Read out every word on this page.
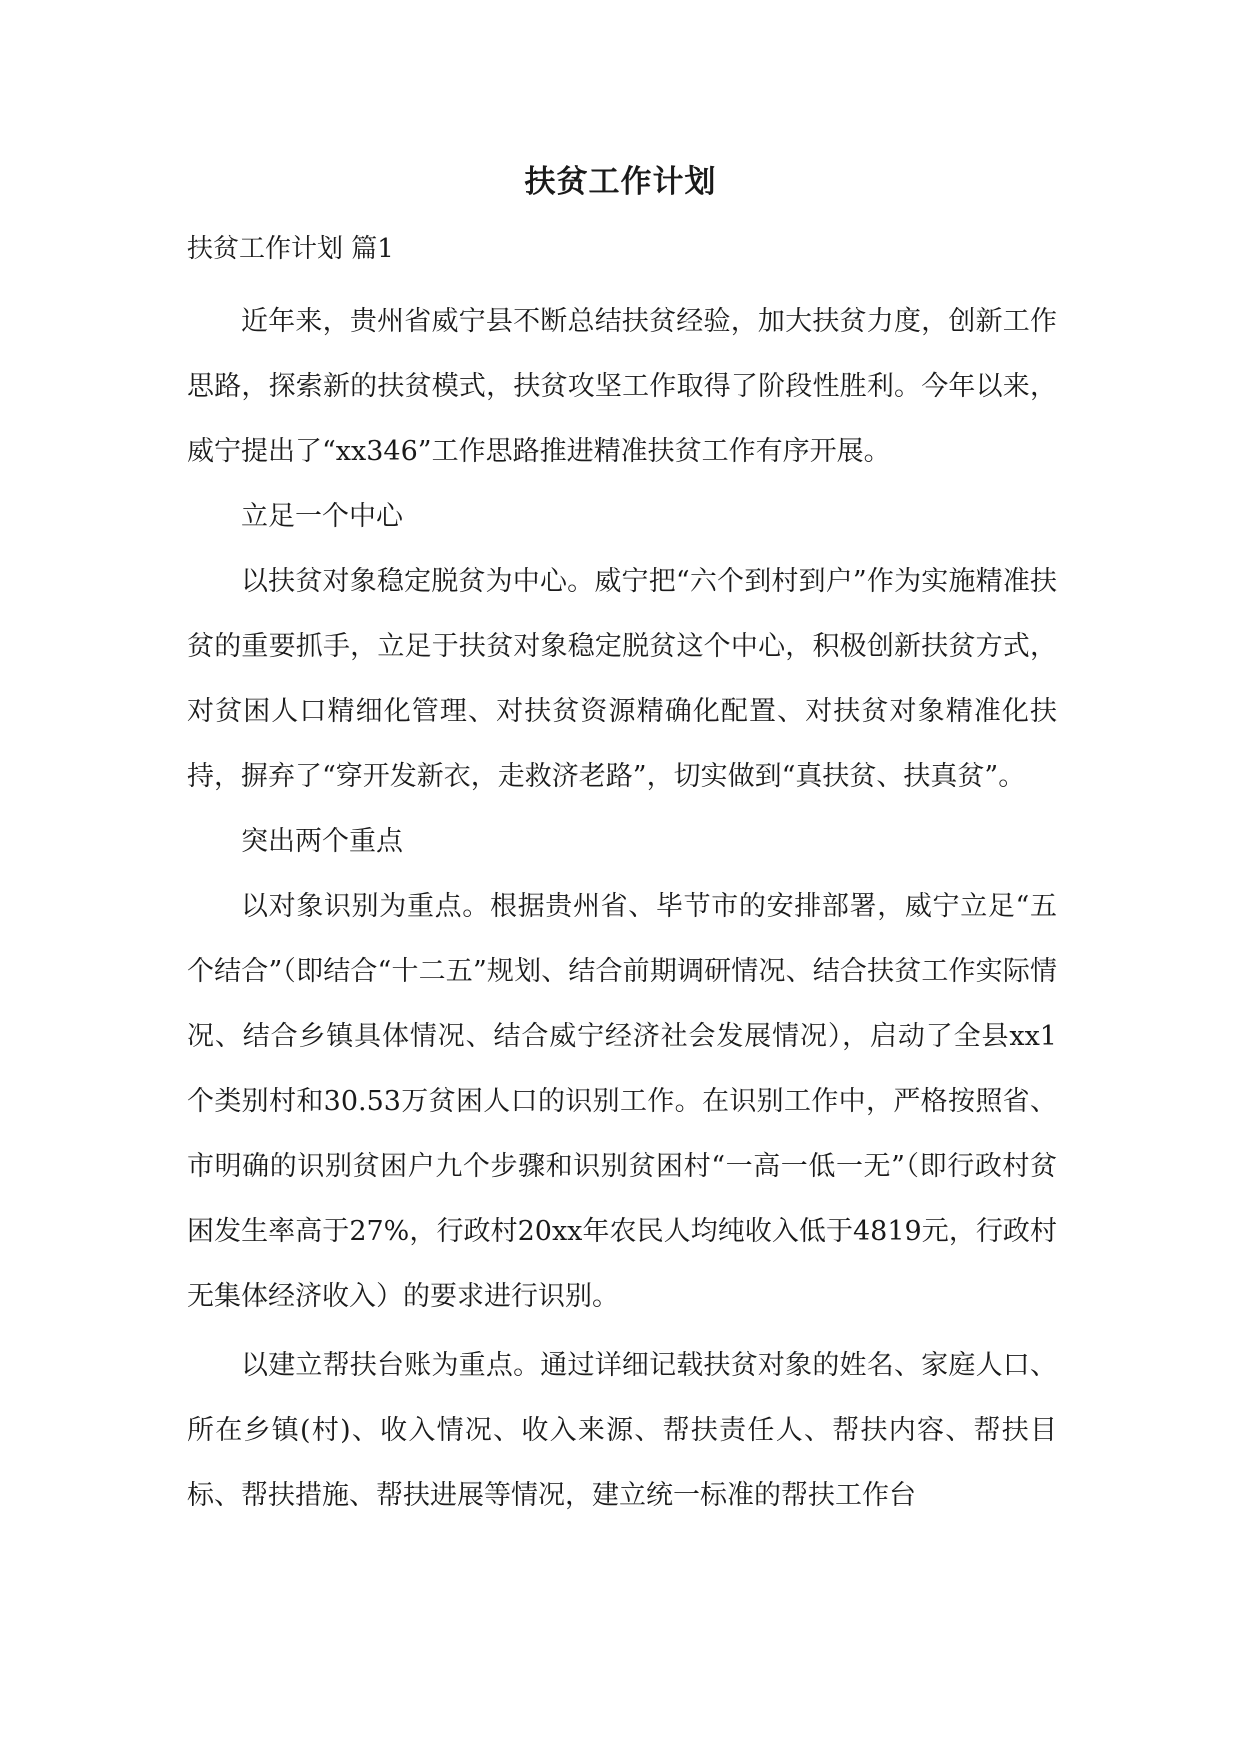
扶贫工作计划

扶贫工作计划 篇1

近年来，贵州省威宁县不断总结扶贫经验，加大扶贫力度，创新工作思路，探索新的扶贫模式，扶贫攻坚工作取得了阶段性胜利。今年以来，威宁提出了“xx346”工作思路推进精准扶贫工作有序开展。

立足一个中心

以扶贫对象稳定脱贫为中心。威宁把“六个到村到户”作为实施精准扶贫的重要抓手，立足于扶贫对象稳定脱贫这个中心，积极创新扶贫方式，对贫困人口精细化管理、对扶贫资源精确化配置、对扶贫对象精准化扶持，摒弃了“穿开发新衣，走救济老路”，切实做到“真扶贫、扶真贫”。

突出两个重点

以对象识别为重点。根据贵州省、毕节市的安排部署，威宁立足“五个结合”（即结合“十二五”规划、结合前期调研情况、结合扶贫工作实际情况、结合乡镇具体情况、结合威宁经济社会发展情况），启动了全县xx1个类别村和30.53万贫困人口的识别工作。在识别工作中，严格按照省、市明确的识别贫困户九个步骤和识别贫困村“一高一低一无”（即行政村贫困发生率高于27%，行政村20xx年农民人均纯收入低于4819元，行政村无集体经济收入）的要求进行识别。

以建立帮扶台账为重点。通过详细记载扶贫对象的姓名、家庭人口、所在乡镇(村)、收入情况、收入来源、帮扶责任人、帮扶内容、帮扶目标、帮扶措施、帮扶进展等情况，建立统一标准的帮扶工作台
